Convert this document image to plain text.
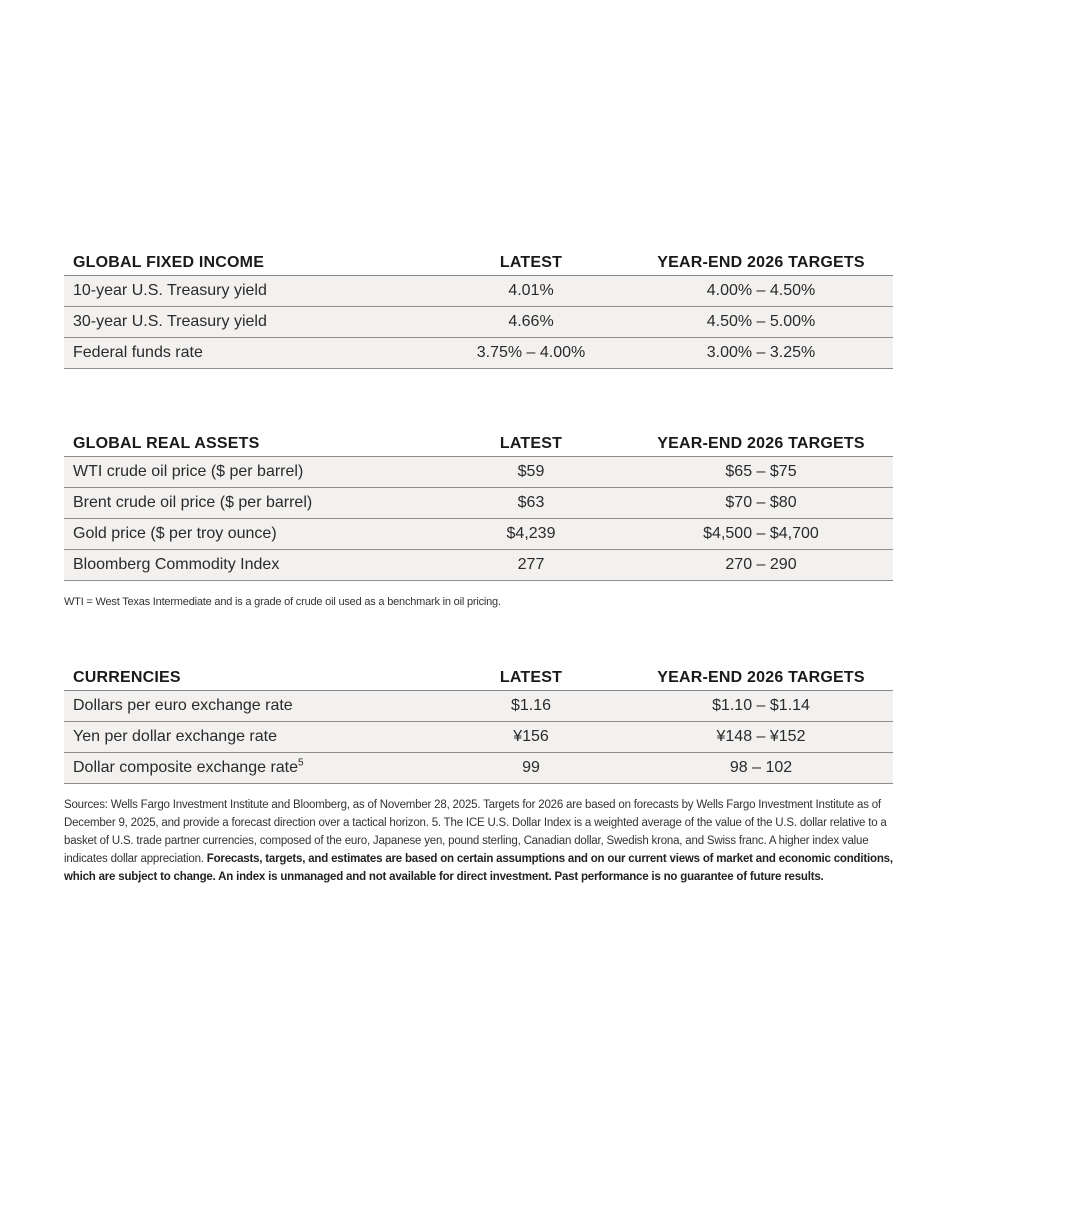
GLOBAL FIXED INCOME	LATEST	YEAR-END 2026 TARGETS
10-year U.S. Treasury yield	4.01%	4.00% – 4.50%
30-year U.S. Treasury yield	4.66%	4.50% – 5.00%
Federal funds rate	3.75% – 4.00%	3.00% – 3.25%
GLOBAL REAL ASSETS	LATEST	YEAR-END 2026 TARGETS
WTI crude oil price ($ per barrel)	$59	$65 – $75
Brent crude oil price ($ per barrel)	$63	$70 – $80
Gold price ($ per troy ounce)	$4,239	$4,500 – $4,700
Bloomberg Commodity Index	277	270 – 290
WTI = West Texas Intermediate and is a grade of crude oil used as a benchmark in oil pricing.
CURRENCIES	LATEST	YEAR-END 2026 TARGETS
Dollars per euro exchange rate	$1.16	$1.10 – $1.14
Yen per dollar exchange rate	¥156	¥148 – ¥152
Dollar composite exchange rate$^5$	99	98 – 102
Sources: Wells Fargo Investment Institute and Bloomberg, as of November 28, 2025. Targets for 2026 are based on forecasts by Wells Fargo Investment Institute as of December 9, 2025, and provide a forecast direction over a tactical horizon. 5. The ICE U.S. Dollar Index is a weighted average of the value of the U.S. dollar relative to a basket of U.S. trade partner currencies, composed of the euro, Japanese yen, pound sterling, Canadian dollar, Swedish krona, and Swiss franc. A higher index value indicates dollar appreciation. Forecasts, targets, and estimates are based on certain assumptions and on our current views of market and economic conditions, which are subject to change. An index is unmanaged and not available for direct investment. Past performance is no guarantee of future results.
